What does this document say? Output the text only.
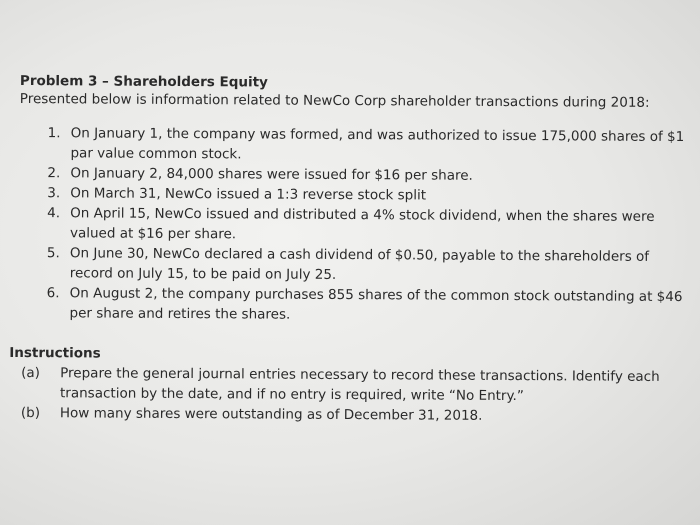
Problem 3 – Shareholders Equity

Presented below is information related to NewCo Corp shareholder transactions during 2018:

1. On January 1, the company was formed, and was authorized to issue 175,000 shares of $1 par value common stock.
2. On January 2, 84,000 shares were issued for $16 per share.
3. On March 31, NewCo issued a 1:3 reverse stock split
4. On April 15, NewCo issued and distributed a 4% stock dividend, when the shares were valued at $16 per share.
5. On June 30, NewCo declared a cash dividend of $0.50, payable to the shareholders of record on July 15, to be paid on July 25.
6. On August 2, the company purchases 855 shares of the common stock outstanding at $46 per share and retires the shares.
Instructions
(a) Prepare the general journal entries necessary to record these transactions. Identify each transaction by the date, and if no entry is required, write “No Entry.”
(b) How many shares were outstanding as of December 31, 2018.
